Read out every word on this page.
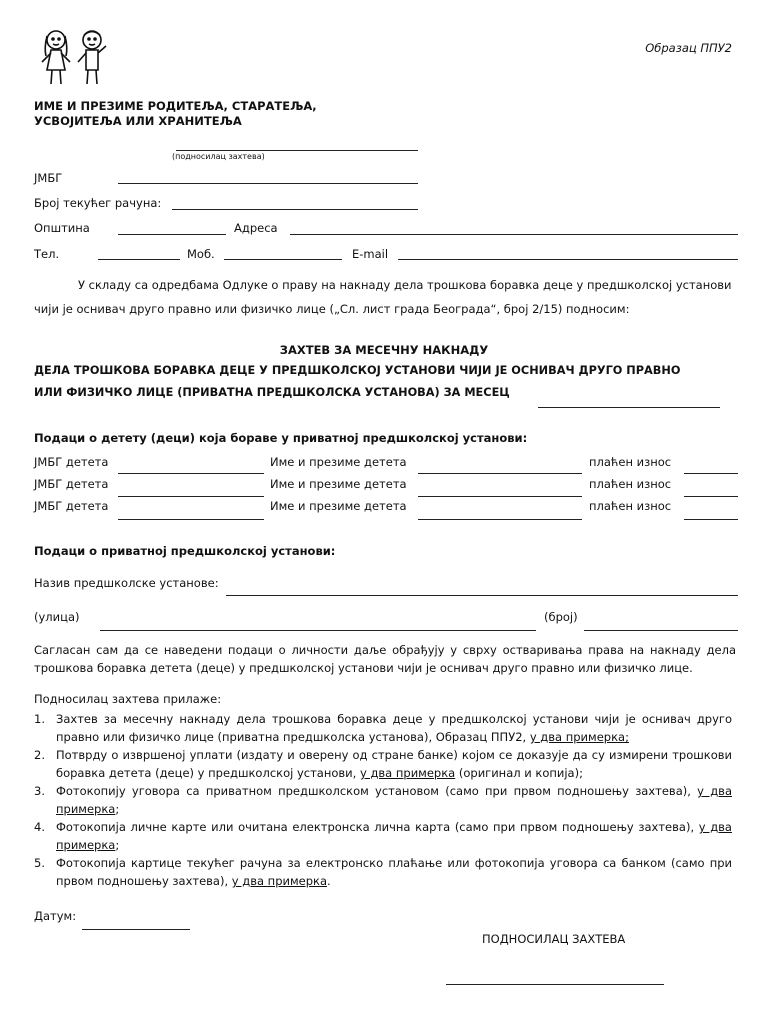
Образац ППУ2
ИМЕ И ПРЕЗИМЕ РОДИТЕЉА, СТАРАТЕЉА,
УСВОЈИТЕЉА ИЛИ ХРАНИТЕЉА
(подносилац захтева)
ЈМБГ
Број текућег рачуна:
Општина	Адреса
Тел.	Моб.	E-mail
У складу са одредбама Одлуке о праву на накнаду дела трошкова боравка деце у предшколској установи
чији је оснивач друго правно или физичко лице („Сл. лист града Београда“, број 2/15) подносим:
ЗАХТЕВ ЗА МЕСЕЧНУ НАКНАДУ
ДЕЛА ТРОШКОВА БОРАВКА ДЕЦЕ У ПРЕДШКОЛСКОЈ УСТАНОВИ ЧИЈИ ЈЕ ОСНИВАЧ ДРУГО ПРАВНО
ИЛИ ФИЗИЧКО ЛИЦЕ (ПРИВАТНА ПРЕДШКОЛСКА УСТАНОВА) ЗА МЕСЕЦ
Подаци о детету (деци) која бораве у приватној предшколској установи:
ЈМБГ детета	Име и презиме детета	плаћен износ
ЈМБГ детета	Име и презиме детета	плаћен износ
ЈМБГ детета	Име и презиме детета	плаћен износ
Подаци о приватној предшколској установи:
Назив предшколске установе:
(улица)	(број)
Сагласан сам да се наведени подаци о личности даље обрађују у сврху остваривања права на накнаду дела трошкова боравка детета (деце) у предшколској установи чији је оснивач друго правно или физичко лице.
Подносилац захтева прилаже:
1. Захтев за месечну накнаду дела трошкова боравка деце у предшколској установи чији је оснивач друго правно или физичко лице (приватна предшколска установа), Образац ППУ2, у два примерка;
2. Потврду о извршеној уплати (издату и оверену од стране банке) којом се доказује да су измирени трошкови боравка детета (деце) у предшколској установи, у два примерка (оригинал и копија);
3. Фотокопију уговора са приватном предшколском установом (само при првом подношењу захтева), у два примерка;
4. Фотокопија личне карте или очитана електронска лична карта (само при првом подношењу захтева), у два примерка;
5. Фотокопија картице текућег рачуна за електронско плаћање или фотокопија уговора са банком (само при првом подношењу захтева), у два примерка.
Датум:
ПОДНОСИЛАЦ ЗАХТЕВА
